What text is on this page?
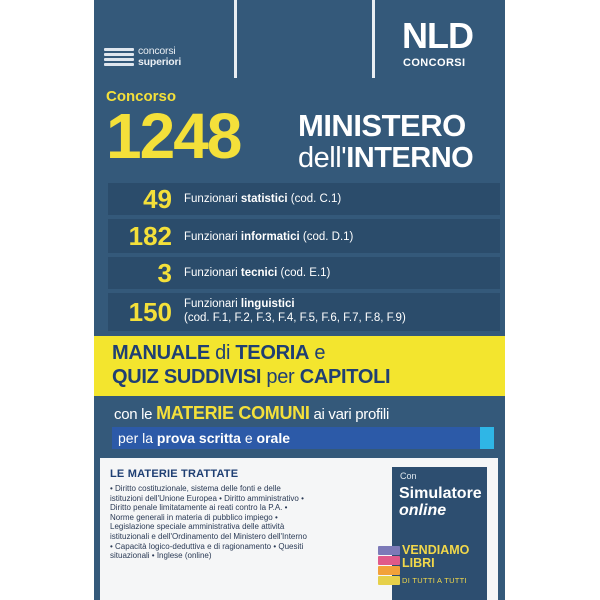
concorsi
superiori
NLD
CONCORSI
Concorso
1248 MINISTERO
dell'INTERNO
49 Funzionari statistici (cod. C.1)
182 Funzionari informatici (cod. D.1)
3 Funzionari tecnici (cod. E.1)
150 Funzionari linguistici
(cod. F.1, F.2, F.3, F.4, F.5, F.6, F.7, F.8, F.9)
MANUALE di TEORIA e
QUIZ SUDDIVISI per CAPITOLI
con le MATERIE COMUNI ai vari profili
per la prova scritta e orale
LE MATERIE TRATTATE
• Diritto costituzionale, sistema delle fonti e delle
istituzioni dell'Unione Europea • Diritto amministrativo •
Diritto penale limitatamente ai reati contro la P.A. •
Norme generali in materia di pubblico impiego •
Legislazione speciale amministrativa delle attività
istituzionali e dell'Ordinamento del Ministero dell'Interno
• Capacità logico-deduttiva e di ragionamento • Quesiti
situazionali • Inglese (online)
Con
Simulatore
online
VENDIAMO
LIBRI
DI TUTTI A TUTTI
